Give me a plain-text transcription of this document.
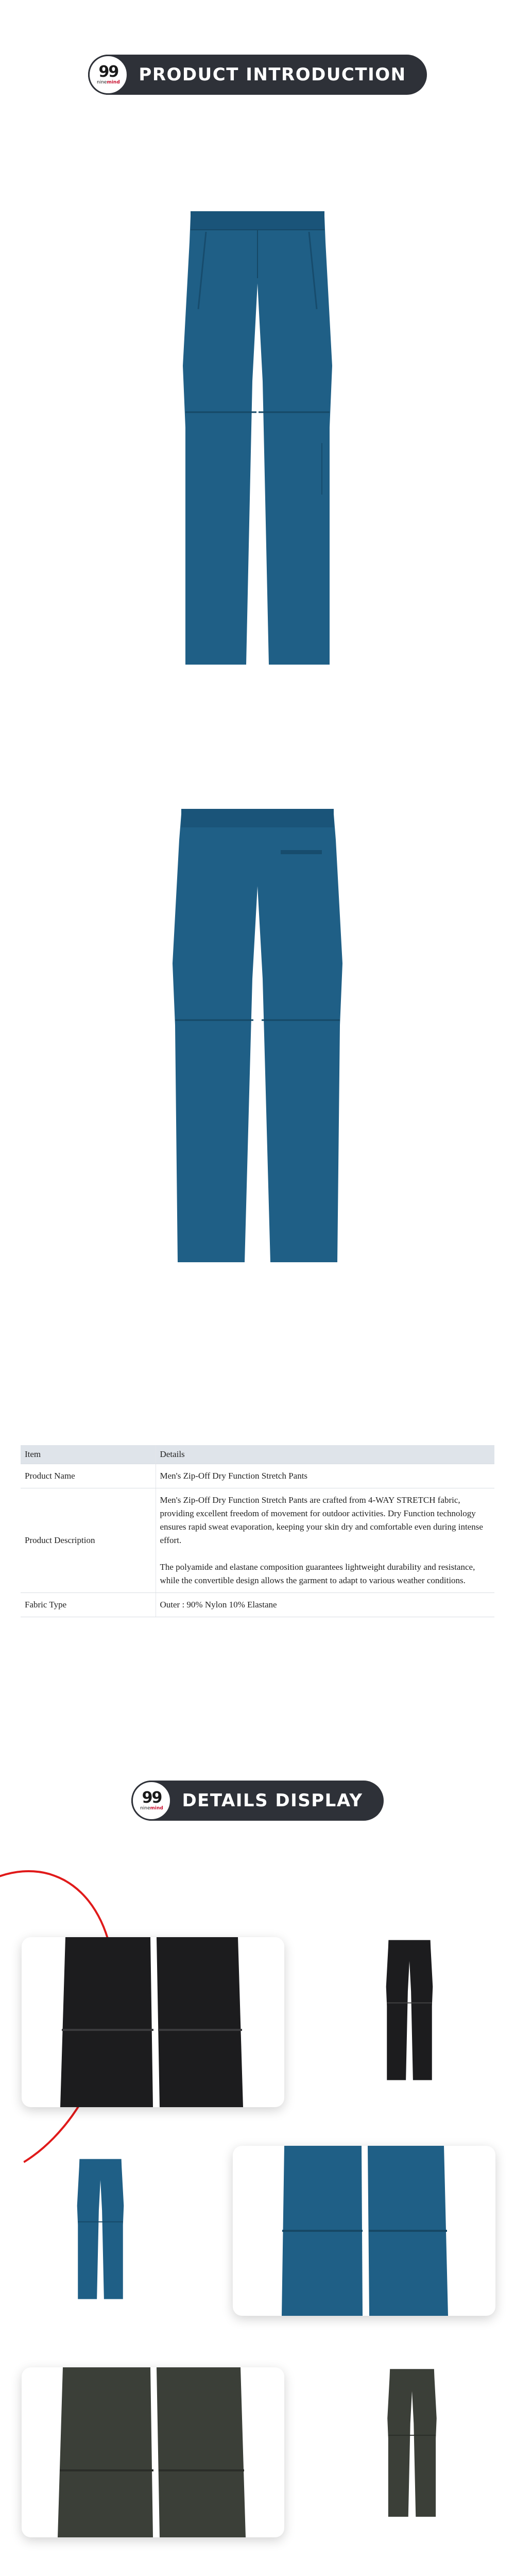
99
ninemind PRODUCT INTRODUCTION
Item	Details
Product Name	Men's Zip-Off Dry Function Stretch Pants
Product Description	Men's Zip-Off Dry Function Stretch Pants are crafted from 4-WAY STRETCH fabric, providing excellent freedom of movement for outdoor activities. Dry Function technology ensures rapid sweat evaporation, keeping your skin dry and comfortable even during intense effort.
The polyamide and elastane composition guarantees lightweight durability and resistance, while the convertible design allows the garment to adapt to various weather conditions.

Fabric Type	Outer : 90% Nylon 10% Elastane
99
ninemind DETAILS DISPLAY
